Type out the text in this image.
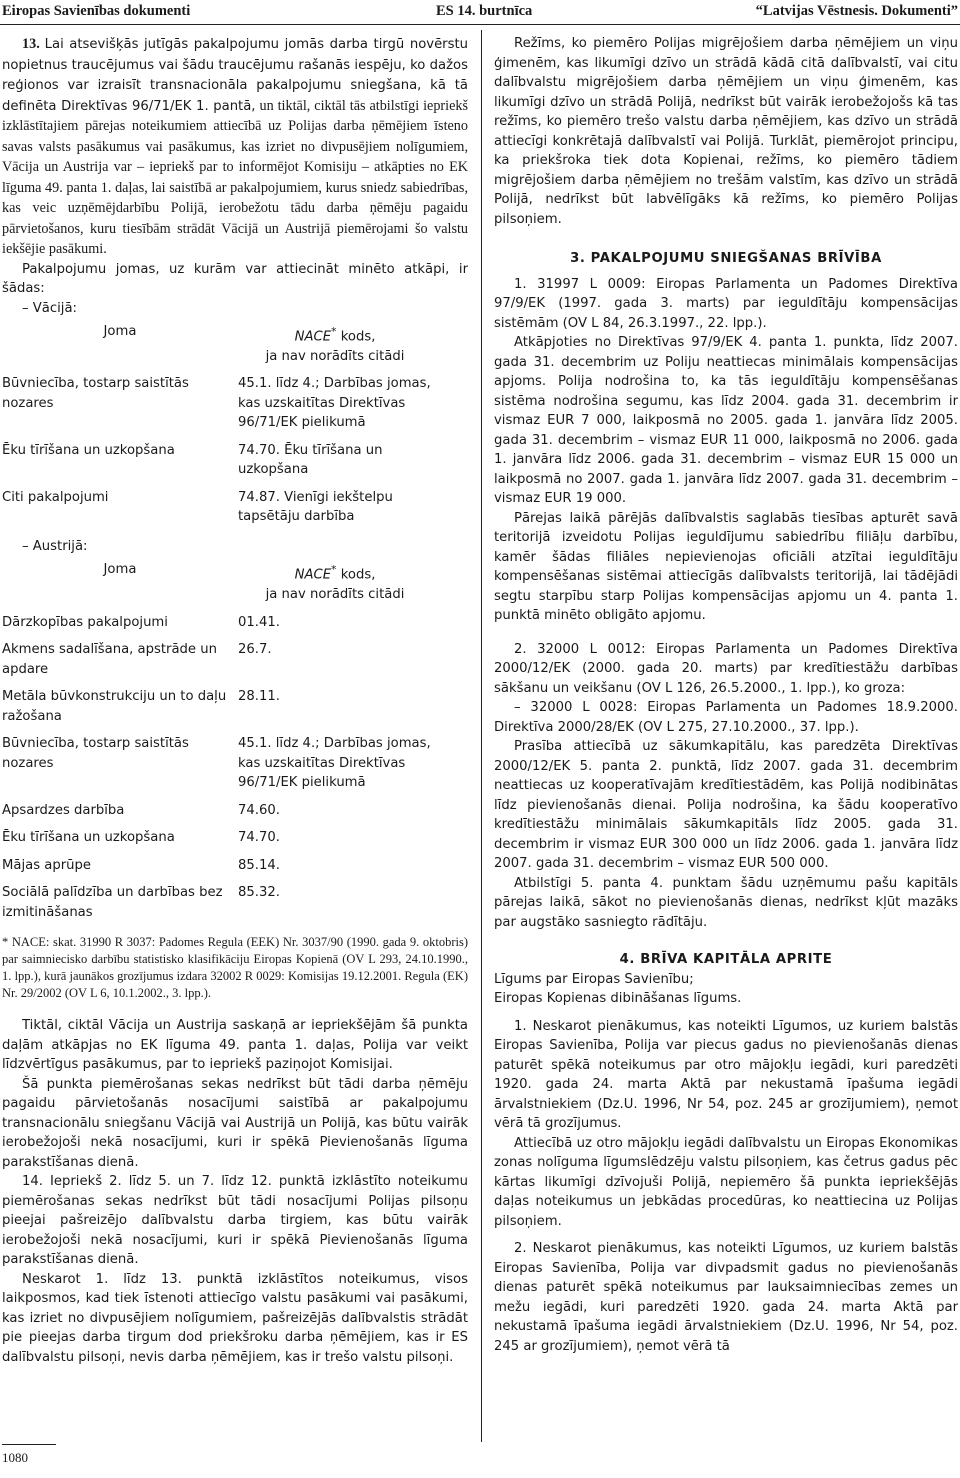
Eiropas Savienības dokumenti	ES 14. burtnīca	“Latvijas Vēstnesis. Dokumenti”

13. Lai atsevišķās jutīgās pakalpojumu jomās darba tirgū novērstu nopietnus traucējumus vai šādu traucējumu rašanās iespēju, ko dažos reģionos var izraisīt transnacionāla pakalpojumu sniegšana, kā tā definēta Direktīvas 96/71/EK 1. pantā, un tiktāl, ciktāl tās atbilstīgi iepriekš izklāstītajiem pārejas noteikumiem attiecībā uz Polijas darba ņēmējiem īsteno savas valsts pasākumus vai pasākumus, kas izriet no divpusējiem nolīgumiem, Vācija un Austrija var – iepriekš par to informējot Komisiju – atkāpties no EK līguma 49. panta 1. daļas, lai saistībā ar pakalpojumiem, kurus sniedz sabiedrības, kas veic uzņēmējdarbību Polijā, ierobežotu tādu darba ņēmēju pagaidu pārvietošanos, kuru tiesībām strādāt Vācijā un Austrijā piemērojami šo valstu iekšējie pasākumi.

Pakalpojumu jomas, uz kurām var attiecināt minēto atkāpi, ir šādas:

– Vācijā:

Joma	NACE* kods,
ja nav norādīts citādi
Būvniecība, tostarp saistītās nozares	45.1. līdz 4.; Darbības jomas, kas uzskaitītas Direktīvas 96/71/EK pielikumā
Ēku tīrīšana un uzkopšana	74.70. Ēku tīrīšana un uzkopšana
Citi pakalpojumi	74.87. Vienīgi iekštelpu tapsētāju darbība

– Austrijā:

Joma	NACE* kods,
ja nav norādīts citādi
Dārzkopības pakalpojumi	01.41.
Akmens sadalīšana, apstrāde un apdare	26.7.
Metāla būvkonstrukciju un to daļu ražošana	28.11.
Būvniecība, tostarp saistītās nozares	45.1. līdz 4.; Darbības jomas, kas uzskaitītas Direktīvas 96/71/EK pielikumā
Apsardzes darbība	74.60.
Ēku tīrīšana un uzkopšana	74.70.
Mājas aprūpe	85.14.
Sociālā palīdzība un darbības bez izmitināšanas	85.32.

* NACE: skat. 31990 R 3037: Padomes Regula (EEK) Nr. 3037/90 (1990. gada 9. oktobris) par saimnieciskо darbību statistisko klasifikāciju Eiropas Kopienā (OV L 293, 24.10.1990., 1. lpp.), kurā jaunākos grozījumus izdara 32002 R 0029: Komisijas 19.12.2001. Regula (EK) Nr. 29/2002 (OV L 6, 10.1.2002., 3. lpp.).

Tiktāl, ciktāl Vācija un Austrija saskaņā ar iepriekšējām šā punkta daļām atkāpjas no EK līguma 49. panta 1. daļas, Polija var veikt līdzvērtīgus pasākumus, par to iepriekš paziņojot Komisijai.

Šā punkta piemērošanas sekas nedrīkst būt tādi darba ņēmēju pagaidu pārvietošanās nosacījumi saistībā ar pakalpojumu transnacionālu sniegšanu Vācijā vai Austrijā un Polijā, kas būtu vairāk ierobežojoši nekā nosacījumi, kuri ir spēkā Pievienošanās līguma parakstīšanas dienā.

14. Iepriekš 2. līdz 5. un 7. līdz 12. punktā izklāstīto noteikumu piemērošanas sekas nedrīkst būt tādi nosacījumi Polijas pilsoņu pieejai pašreizējo dalībvalstu darba tirgiem, kas būtu vairāk ierobežojoši nekā nosacījumi, kuri ir spēkā Pievienošanās līguma parakstīšanas dienā.

Neskarot 1. līdz 13. punktā izklāstītos noteikumus, visos laikposmos, kad tiek īstenoti attiecīgo valstu pasākumi vai pasākumi, kas izriet no divpusējiem nolīgumiem, pašreizējās dalībvalstis strādāt pie pieejas darba tirgum dod priekšroku darba ņēmējiem, kas ir ES dalībvalstu pilsoņi, nevis darba ņēmējiem, kas ir trešo valstu pilsoņi.

Režīms, ko piemēro Polijas migrējošiem darba ņēmējiem un viņu ģimenēm, kas likumīgi dzīvo un strādā kādā citā dalībvalstī, vai citu dalībvalstu migrējošiem darba ņēmējiem un viņu ģimenēm, kas likumīgi dzīvo un strādā Polijā, nedrīkst būt vairāk ierobežojošs kā tas režīms, ko piemēro trešo valstu darba ņēmējiem, kas dzīvo un strādā attiecīgi konkrētajā dalībvalstī vai Polijā. Turklāt, piemērojot principu, ka priekšroka tiek dota Kopienai, režīms, ko piemēro tādiem migrējošiem darba ņēmējiem no trešām valstīm, kas dzīvo un strādā Polijā, nedrīkst būt labvēlīgāks kā režīms, ko piemēro Polijas pilsoņiem.

3. PAKALPOJUMU SNIEGŠANAS BRĪVĪBA

1. 31997 L 0009: Eiropas Parlamenta un Padomes Direktīva 97/9/EK (1997. gada 3. marts) par ieguldītāju kompensācijas sistēmām (OV L 84, 26.3.1997., 22. lpp.).

Atkāpjoties no Direktīvas 97/9/EK 4. panta 1. punkta, līdz 2007. gada 31. decembrim uz Poliju neattiecas minimālais kompensācijas apjoms. Polija nodrošina to, ka tās ieguldītāju kompensēšanas sistēma nodrošina segumu, kas līdz 2004. gada 31. decembrim ir vismaz EUR 7 000, laikposmā no 2005. gada 1. janvāra līdz 2005. gada 31. decembrim – vismaz EUR 11 000, laikposmā no 2006. gada 1. janvāra līdz 2006. gada 31. decembrim – vismaz EUR 15 000 un laikposmā no 2007. gada 1. janvāra līdz 2007. gada 31. decembrim – vismaz EUR 19 000.

Pārejas laikā pārējās dalībvalstis saglabās tiesības apturēt savā teritorijā izveidotu Polijas ieguldījumu sabiedrību filiāļu darbību, kamēr šādas filiāles nepievienojas oficiāli atzītai ieguldītāju kompensēšanas sistēmai attiecīgās dalībvalsts teritorijā, lai tādējādi segtu starpību starp Polijas kompensācijas apjomu un 4. panta 1. punktā minēto obligāto apjomu.

2. 32000 L 0012: Eiropas Parlamenta un Padomes Direktīva 2000/12/EK (2000. gada 20. marts) par kredītiestāžu darbības sākšanu un veikšanu (OV L 126, 26.5.2000., 1. lpp.), ko groza:

– 32000 L 0028: Eiropas Parlamenta un Padomes 18.9.2000. Direktīva 2000/28/EK (OV L 275, 27.10.2000., 37. lpp.).

Prasība attiecībā uz sākumkapitālu, kas paredzēta Direktīvas 2000/12/EK 5. panta 2. punktā, līdz 2007. gada 31. decembrim neattiecas uz kooperatīvajām kredītiestādēm, kas Polijā nodibinātas līdz pievienošanās dienai. Polija nodrošina, ka šādu kooperatīvo kredītiestāžu minimālais sākumkapitāls līdz 2005. gada 31. decembrim ir vismaz EUR 300 000 un līdz 2006. gada 1. janvāra līdz 2007. gada 31. decembrim – vismaz EUR 500 000.

Atbilstīgi 5. panta 4. punktam šādu uzņēmumu pašu kapitāls pārejas laikā, sākot no pievienošanās dienas, nedrīkst kļūt mazāks par augstāko sasniegto rādītāju.

4. BRĪVA KAPITĀLA APRITE

Līgums par Eiropas Savienību;

Eiropas Kopienas dibināšanas līgums.

1. Neskarot pienākumus, kas noteikti Līgumos, uz kuriem balstās Eiropas Savienība, Polija var piecus gadus no pievienošanās dienas paturēt spēkā noteikumus par otro mājokļu iegādi, kuri paredzēti 1920. gada 24. marta Aktā par nekustamā īpašuma iegādi ārvalstniekiem (Dz.U. 1996, Nr 54, poz. 245 ar grozījumiem), ņemot vērā tā grozījumus.

Attiecībā uz otro mājokļu iegādi dalībvalstu un Eiropas Ekonomikas zonas nolīguma līgumslēdzēju valstu pilsoņiem, kas četrus gadus pēc kārtas likumīgi dzīvojuši Polijā, nepiemēro šā punkta iepriekšējās daļas noteikumus un jebkādas procedūras, ko neattiecina uz Polijas pilsoņiem.

2. Neskarot pienākumus, kas noteikti Līgumos, uz kuriem balstās Eiropas Savienība, Polija var divpadsmit gadus no pievienošanās dienas paturēt spēkā noteikumus par lauksaimniecības zemes un mežu iegādi, kuri paredzēti 1920. gada 24. marta Aktā par nekustamā īpašuma iegādi ārvalstniekiem (Dz.U. 1996, Nr 54, poz. 245 ar grozījumiem), ņemot vērā tā

1080
